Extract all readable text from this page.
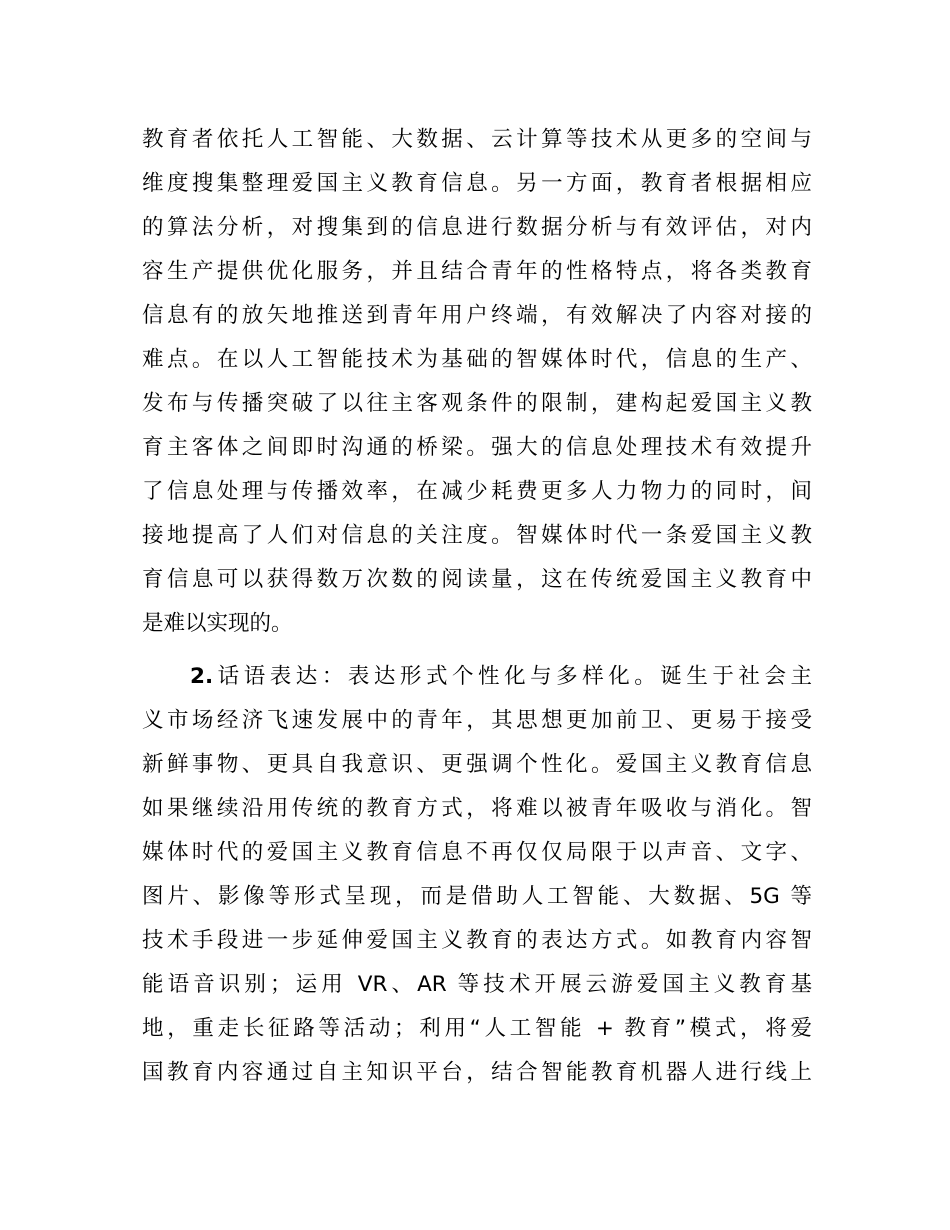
教育者依托人工智能、大数据、云计算等技术从更多的空间与
维度搜集整理爱国主义教育信息。另一方面，教育者根据相应
的算法分析，对搜集到的信息进行数据分析与有效评估，对内
容生产提供优化服务，并且结合青年的性格特点，将各类教育
信息有的放矢地推送到青年用户终端，有效解决了内容对接的
难点。在以人工智能技术为基础的智媒体时代，信息的生产、
发布与传播突破了以往主客观条件的限制，建构起爱国主义教
育主客体之间即时沟通的桥梁。强大的信息处理技术有效提升
了信息处理与传播效率，在减少耗费更多人力物力的同时，间
接地提高了人们对信息的关注度。智媒体时代一条爱国主义教
育信息可以获得数万次数的阅读量，这在传统爱国主义教育中
是难以实现的。
2.话语表达：表达形式个性化与多样化。诞生于社会主
义市场经济飞速发展中的青年，其思想更加前卫、更易于接受
新鲜事物、更具自我意识、更强调个性化。爱国主义教育信息
如果继续沿用传统的教育方式，将难以被青年吸收与消化。智
媒体时代的爱国主义教育信息不再仅仅局限于以声音、文字、
图片、影像等形式呈现，而是借助人工智能、大数据、5G 等
技术手段进一步延伸爱国主义教育的表达方式。如教育内容智
能语音识别；运用 VR、AR 等技术开展云游爱国主义教育基
地，重走长征路等活动；利用“人工智能 + 教育”模式，将爱
国教育内容通过自主知识平台，结合智能教育机器人进行线上
